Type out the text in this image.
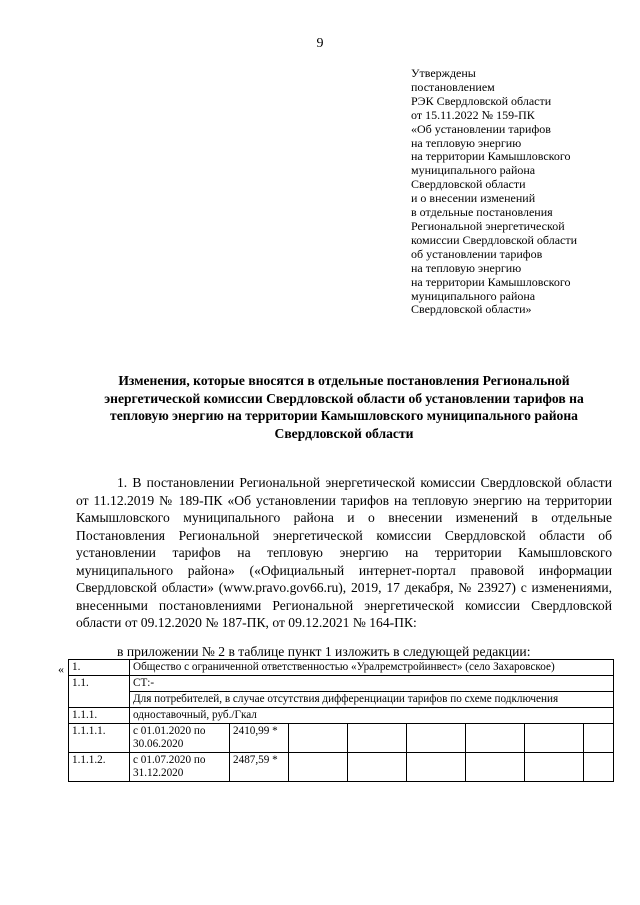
9
Утверждены
постановлением
РЭК Свердловской области
от 15.11.2022 № 159-ПК
«Об установлении тарифов
на тепловую энергию
на территории Камышловского
муниципального района
Свердловской области
и о внесении изменений
в отдельные постановления
Региональной энергетической
комиссии Свердловской области
об установлении тарифов
на тепловую энергию
на территории Камышловского
муниципального района
Свердловской области»
Изменения, которые вносятся в отдельные постановления Региональной энергетической комиссии Свердловской области об установлении тарифов на тепловую энергию на территории Камышловского муниципального района Свердловской области

1. В постановлении Региональной энергетической комиссии Свердловской области от 11.12.2019 № 189-ПК «Об установлении тарифов на тепловую энергию на территории Камышловского муниципального района и о внесении изменений в отдельные Постановления Региональной энергетической комиссии Свердловской области об установлении тарифов на тепловую энергию на территории Камышловского муниципального района» («Официальный интернет-портал правовой информации Свердловской области» (www.pravo.gov66.ru), 2019, 17 декабря, № 23927) с изменениями, внесенными постановлениями Региональной энергетической комиссии Свердловской области от 09.12.2020 № 187-ПК, от 09.12.2021 № 164-ПК:

в приложении № 2 в таблице пункт 1 изложить в следующей редакции:
« 1.	Общество с ограниченной ответственностью «Уралремстройинвест» (село Захаровское)							
1.1.	СТ:-							
	Для потребителей, в случае отсутствия дифференциации тарифов по схеме подключения							
1.1.1.	одноставочный, руб./Гкал							
1.1.1.1.	с 01.01.2020 по 30.06.2020	2410,99 *						
1.1.1.2.	с 01.07.2020 по 31.12.2020	2487,59 *						
